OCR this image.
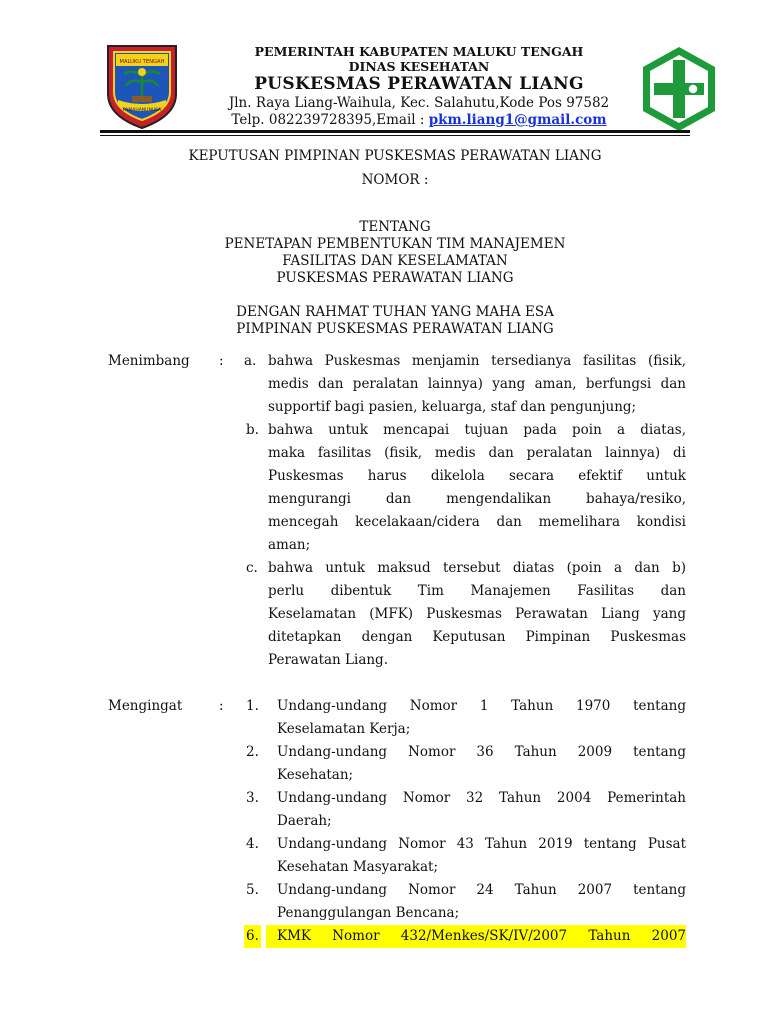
MALUKU TENGAH
PAMAHANUNUSA
PEMERINTAH KABUPATEN MALUKU TENGAH
DINAS KESEHATAN
PUSKESMAS PERAWATAN LIANG
Jln. Raya Liang-Waihula, Kec. Salahutu,Kode Pos 97582
Telp. 082239728395,Email : pkm.liang1@gmail.com
KEPUTUSAN PIMPINAN PUSKESMAS PERAWATAN LIANG
NOMOR :
TENTANG
PENETAPAN PEMBENTUKAN TIM MANAJEMEN
FASILITAS DAN KESELAMATAN
PUSKESMAS PERAWATAN LIANG
DENGAN RAHMAT TUHAN YANG MAHA ESA
PIMPINAN PUSKESMAS PERAWATAN LIANG
Menimbang : a. bahwa Puskesmas menjamin tersedianya fasilitas (fisik,
medis dan peralatan lainnya) yang aman, berfungsi dan
supportif bagi pasien, keluarga, staf dan pengunjung;
b. bahwa untuk mencapai tujuan pada poin a diatas,
maka fasilitas (fisik, medis dan peralatan lainnya) di
Puskesmas harus dikelola secara efektif untuk
mengurangi dan mengendalikan bahaya/resiko,
mencegah kecelakaan/cidera dan memelihara kondisi
aman;
c. bahwa untuk maksud tersebut diatas (poin a dan b)
perlu dibentuk Tim Manajemen Fasilitas dan
Keselamatan (MFK) Puskesmas Perawatan Liang yang
ditetapkan dengan Keputusan Pimpinan Puskesmas
Perawatan Liang.
Mengingat	: 1. Undang-undang Nomor 1 Tahun 1970 tentang
Keselamatan Kerja;
2. Undang-undang Nomor 36 Tahun 2009 tentang
Kesehatan;
3. Undang-undang Nomor 32 Tahun 2004 Pemerintah
Daerah;
4. Undang-undang Nomor 43 Tahun 2019 tentang Pusat
Kesehatan Masyarakat;
5. Undang-undang Nomor 24 Tahun 2007 tentang
Penanggulangan Bencana;
6. KMK Nomor 432/Menkes/SK/IV/2007 Tahun 2007
